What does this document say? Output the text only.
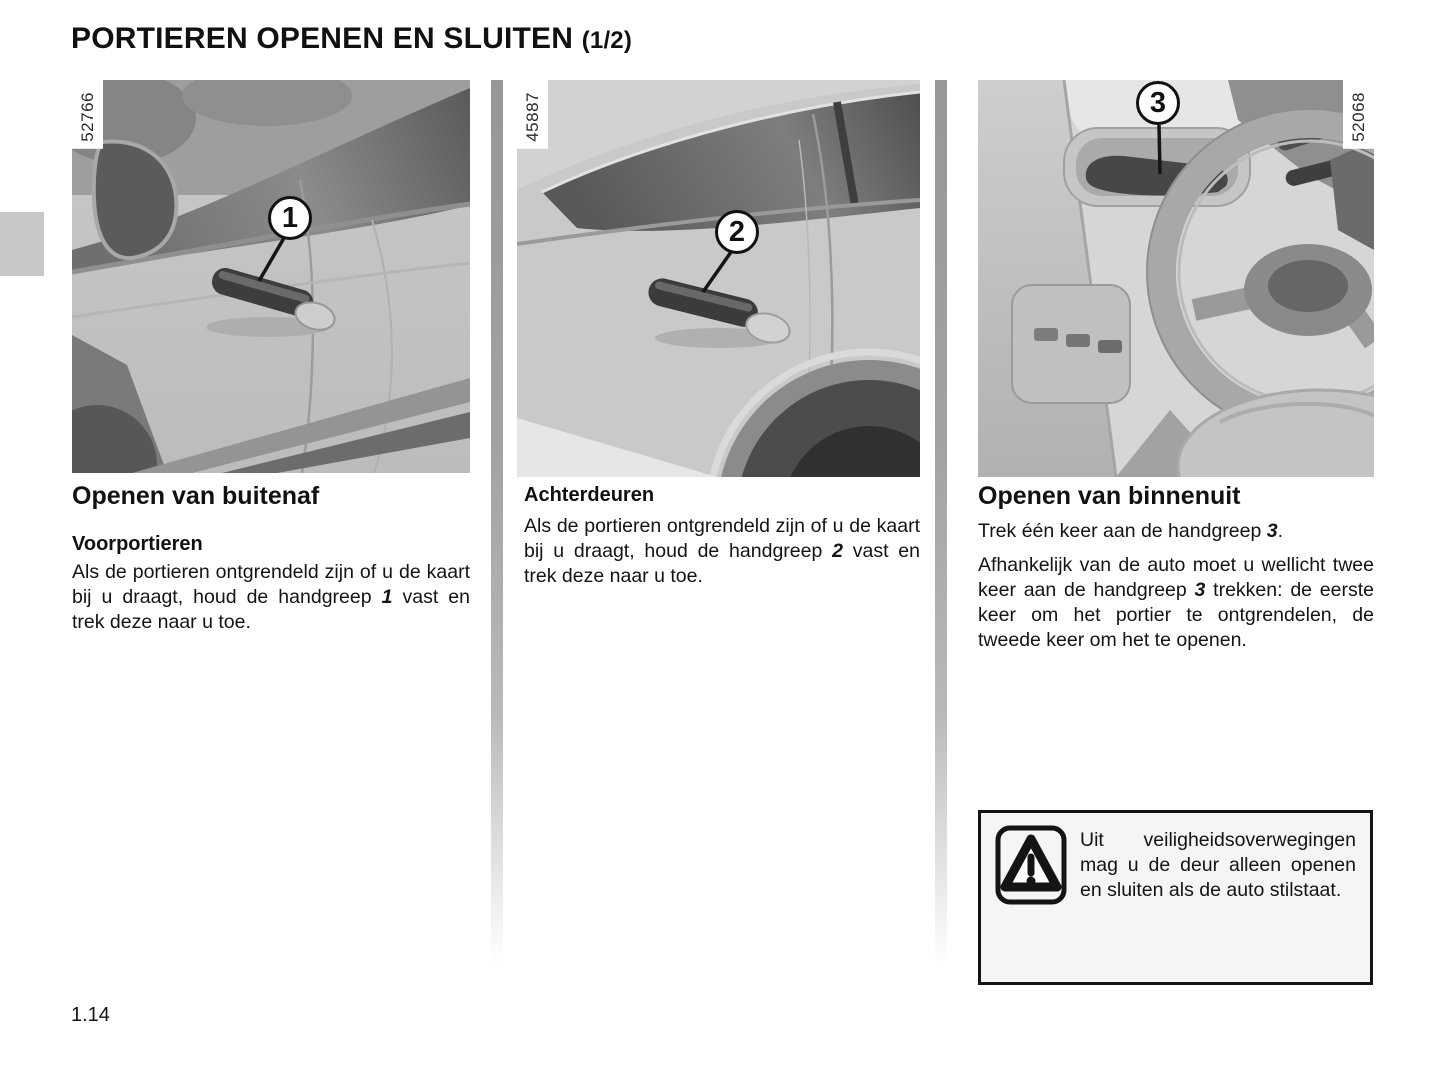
PORTIEREN OPENEN EN SLUITEN (1/2)
52766
1
45887
2
52068
3
Openen van buitenaf
Voorportieren

Als de portieren ontgrendeld zijn of u de kaart bij u draagt, houd de handgreep 1 vast en trek deze naar u toe.

Achterdeuren

Als de portieren ontgrendeld zijn of u de kaart bij u draagt, houd de handgreep 2 vast en trek deze naar u toe.

Openen van binnenuit

Trek één keer aan de handgreep 3.

Afhankelijk van de auto moet u wellicht twee keer aan de handgreep 3 trekken: de eerste keer om het portier te ontgrendelen, de tweede keer om het te openen.

Uit veiligheidsoverwegingen mag u de deur alleen openen en sluiten als de auto stilstaat.

1.14
